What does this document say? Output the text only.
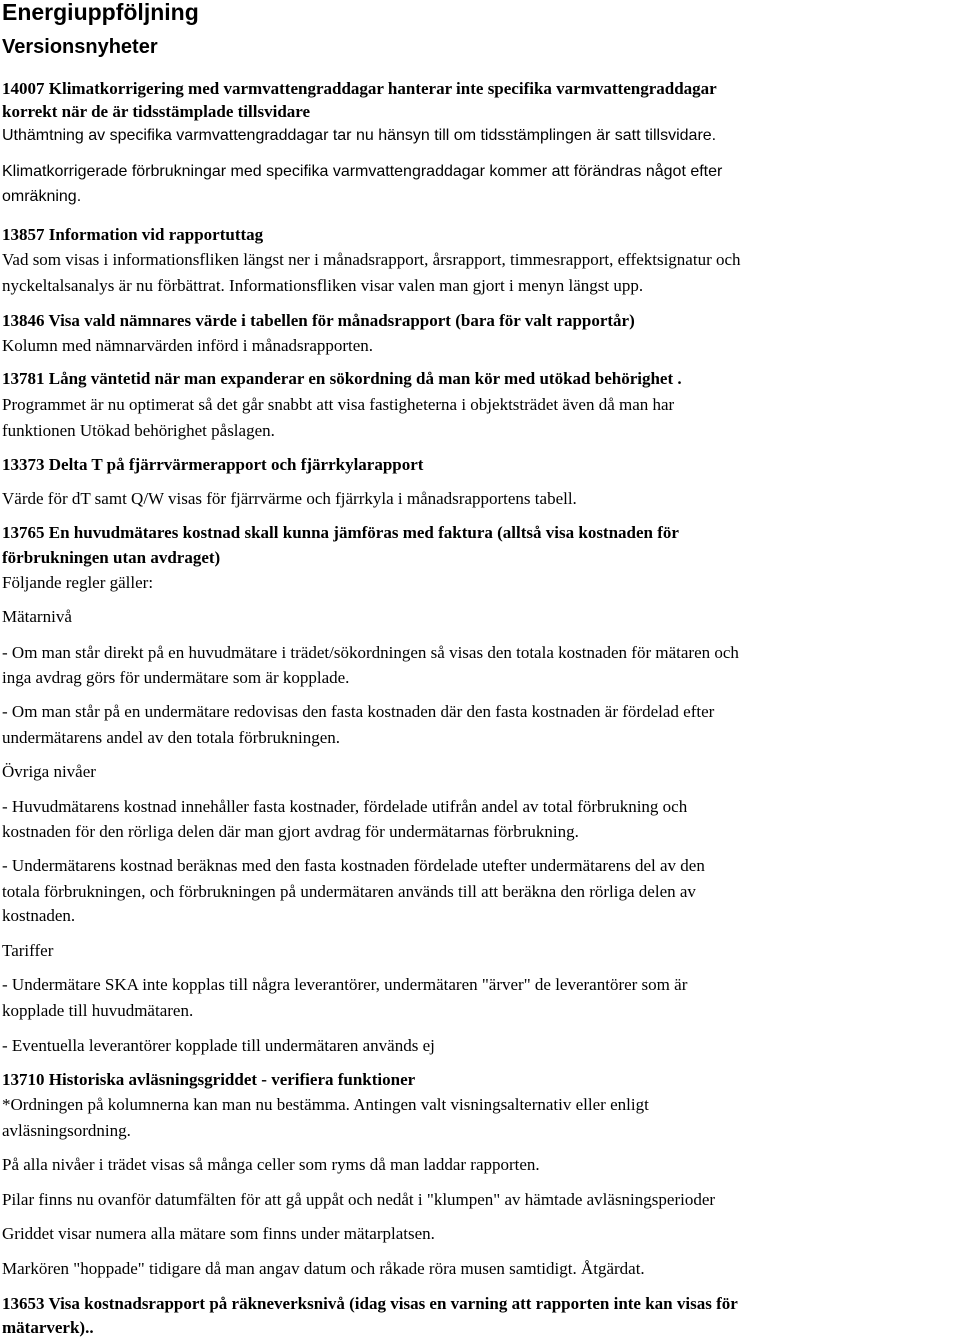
Energiuppföljning
Versionsnyheter

14007 Klimatkorrigering med varmvattengraddagar hanterar inte specifika varmvattengraddagar

korrekt när de är tidsstämplade tillsvidare

Uthämtning av specifika varmvattengraddagar tar nu hänsyn till om tidsstämplingen är satt tillsvidare.

Klimatkorrigerade förbrukningar med specifika varmvattengraddagar kommer att förändras något efter

omräkning.

13857 Information vid rapportuttag

Vad som visas i informationsfliken längst ner i månadsrapport, årsrapport, timmesrapport, effektsignatur och

nyckeltalsanalys är nu förbättrat. Informationsfliken visar valen man gjort i menyn längst upp.

13846 Visa vald nämnares värde i tabellen för månadsrapport (bara för valt rapportår)

Kolumn med nämnarvärden införd i månadsrapporten.

13781 Lång väntetid när man expanderar en sökordning då man kör med utökad behörighet .

Programmet är nu optimerat så det går snabbt att visa fastigheterna i objektsträdet även då man har

funktionen Utökad behörighet påslagen.

13373 Delta T på fjärrvärmerapport och fjärrkylarapport

Värde för dT samt Q/W visas för fjärrvärme och fjärrkyla i månadsrapportens tabell.

13765 En huvudmätares kostnad skall kunna jämföras med faktura (alltså visa kostnaden för

förbrukningen utan avdraget)

Följande regler gäller:

Mätarnivå

- Om man står direkt på en huvudmätare i trädet/sökordningen så visas den totala kostnaden för mätaren och

inga avdrag görs för undermätare som är kopplade.

- Om man står på en undermätare redovisas den fasta kostnaden där den fasta kostnaden är fördelad efter

undermätarens andel av den totala förbrukningen.

Övriga nivåer

- Huvudmätarens kostnad innehåller fasta kostnader, fördelade utifrån andel av total förbrukning och

kostnaden för den rörliga delen där man gjort avdrag för undermätarnas förbrukning.

- Undermätarens kostnad beräknas med den fasta kostnaden fördelade utefter undermätarens del av den

totala förbrukningen, och förbrukningen på undermätaren används till att beräkna den rörliga delen av

kostnaden.

Tariffer

- Undermätare SKA inte kopplas till några leverantörer, undermätaren "ärver" de leverantörer som är

kopplade till huvudmätaren.

- Eventuella leverantörer kopplade till undermätaren används ej

13710 Historiska avläsningsgriddet - verifiera funktioner

*Ordningen på kolumnerna kan man nu bestämma. Antingen valt visningsalternativ eller enligt

avläsningsordning.

På alla nivåer i trädet visas så många celler som ryms då man laddar rapporten.

Pilar finns nu ovanför datumfälten för att gå uppåt och nedåt i "klumpen" av hämtade avläsningsperioder

Griddet visar numera alla mätare som finns under mätarplatsen.

Markören "hoppade" tidigare då man angav datum och råkade röra musen samtidigt. Åtgärdat.

13653 Visa kostnadsrapport på räkneverksnivå (idag visas en varning att rapporten inte kan visas för

mätarverk)..
